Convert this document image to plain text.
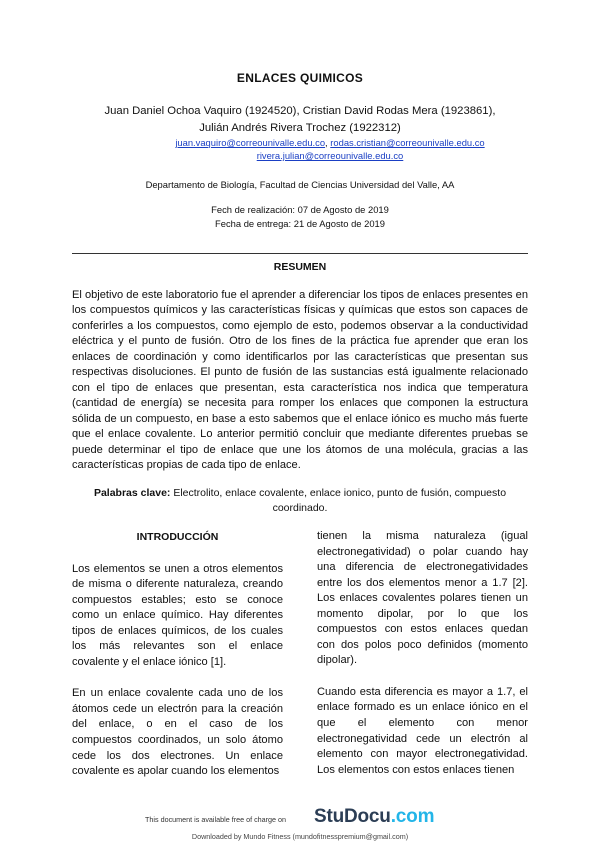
ENLACES QUIMICOS
Juan Daniel Ochoa Vaquiro (1924520), Cristian David Rodas Mera (1923861),
Julián Andrés Rivera Trochez (1922312)
juan.vaquiro@correounivalle.edu.co, rodas.cristian@correounivalle.edu.co
rivera.julian@correounivalle.edu.co
Departamento de Biología, Facultad de Ciencias Universidad del Valle, AA
Fech de realización: 07 de Agosto de 2019
Fecha de entrega: 21 de Agosto de 2019
RESUMEN
El objetivo de este laboratorio fue el aprender a diferenciar los tipos de enlaces presentes en los compuestos químicos y las características físicas y químicas que estos son capaces de conferirles a los compuestos, como ejemplo de esto, podemos observar a la conductividad eléctrica y el punto de fusión. Otro de los fines de la práctica fue aprender que eran los enlaces de coordinación y como identificarlos por las características que presentan sus respectivas disoluciones. El punto de fusión de las sustancias está igualmente relacionado con el tipo de enlaces que presentan, esta característica nos indica que temperatura (cantidad de energía) se necesita para romper los enlaces que componen la estructura sólida de un compuesto, en base a esto sabemos que el enlace iónico es mucho más fuerte que el enlace covalente. Lo anterior permitió concluir que mediante diferentes pruebas se puede determinar el tipo de enlace que une los átomos de una molécula, gracias a las características propias de cada tipo de enlace.
Palabras clave: Electrolito, enlace covalente, enlace ionico, punto de fusión, compuesto coordinado.
INTRODUCCIÓN

Los elementos se unen a otros elementos de misma o diferente naturaleza, creando compuestos estables; esto se conoce como un enlace químico. Hay diferentes tipos de enlaces químicos, de los cuales los más relevantes son el enlace covalente y el enlace iónico [1].

En un enlace covalente cada uno de los átomos cede un electrón para la creación del enlace, o en el caso de los compuestos coordinados, un solo átomo cede los dos electrones. Un enlace covalente es apolar cuando los elementos

tienen la misma naturaleza (igual electronegatividad) o polar cuando hay una diferencia de electronegatividades entre los dos elementos menor a 1.7 [2]. Los enlaces covalentes polares tienen un momento dipolar, por lo que los compuestos con estos enlaces quedan con dos polos poco definidos (momento dipolar).

Cuando esta diferencia es mayor a 1.7, el enlace formado es un enlace iónico en el que el elemento con menor electronegatividad cede un electrón al elemento con mayor electronegatividad. Los elementos con estos enlaces tienen

This document is available free of charge on StuDocu.com
Downloaded by Mundo Fitness (mundofitnesspremium@gmail.com)
